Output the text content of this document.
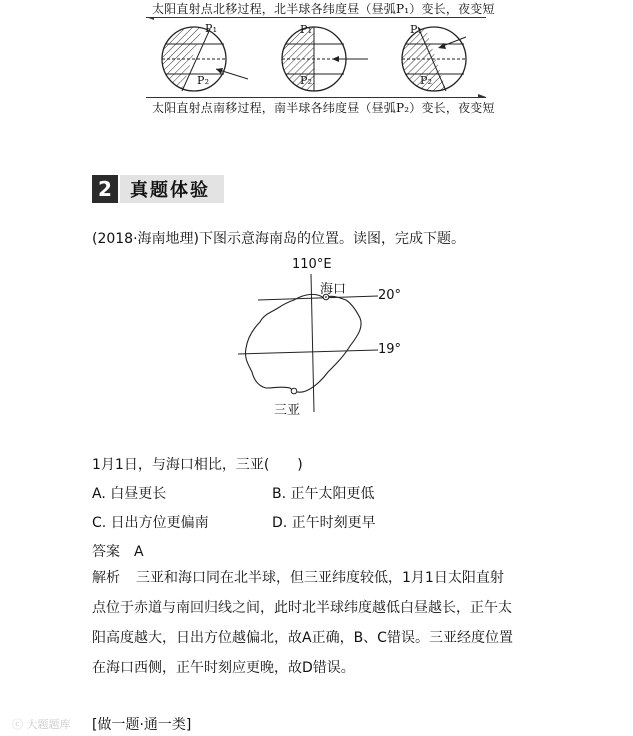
太阳直射点北移过程，北半球各纬度昼（昼弧P₁）变长，夜变短
P₁
P₂
P₁
P₂
P₁
P₂
太阳直射点南移过程，南半球各纬度昼（昼弧P₂）变长，夜变短
2	真题体验
(2018·海南地理)下图示意海南岛的位置。读图，完成下题。
110°E
海口 20°
19°
三亚
1月1日，与海口相比，三亚(　　)
A. 白昼更长	B. 正午太阳更低
C. 日出方位更偏南	D. 正午时刻更早
答案 A
解析 三亚和海口同在北半球，但三亚纬度较低，1月1日太阳直射
点位于赤道与南回归线之间，此时北半球纬度越低白昼越长，正午太
阳高度越大，日出方位越偏北，故A正确，B、C错误。三亚经度位置
在海口西侧，正午时刻应更晚，故D错误。
ⓒ 大题题库 [做一题·通一类]
